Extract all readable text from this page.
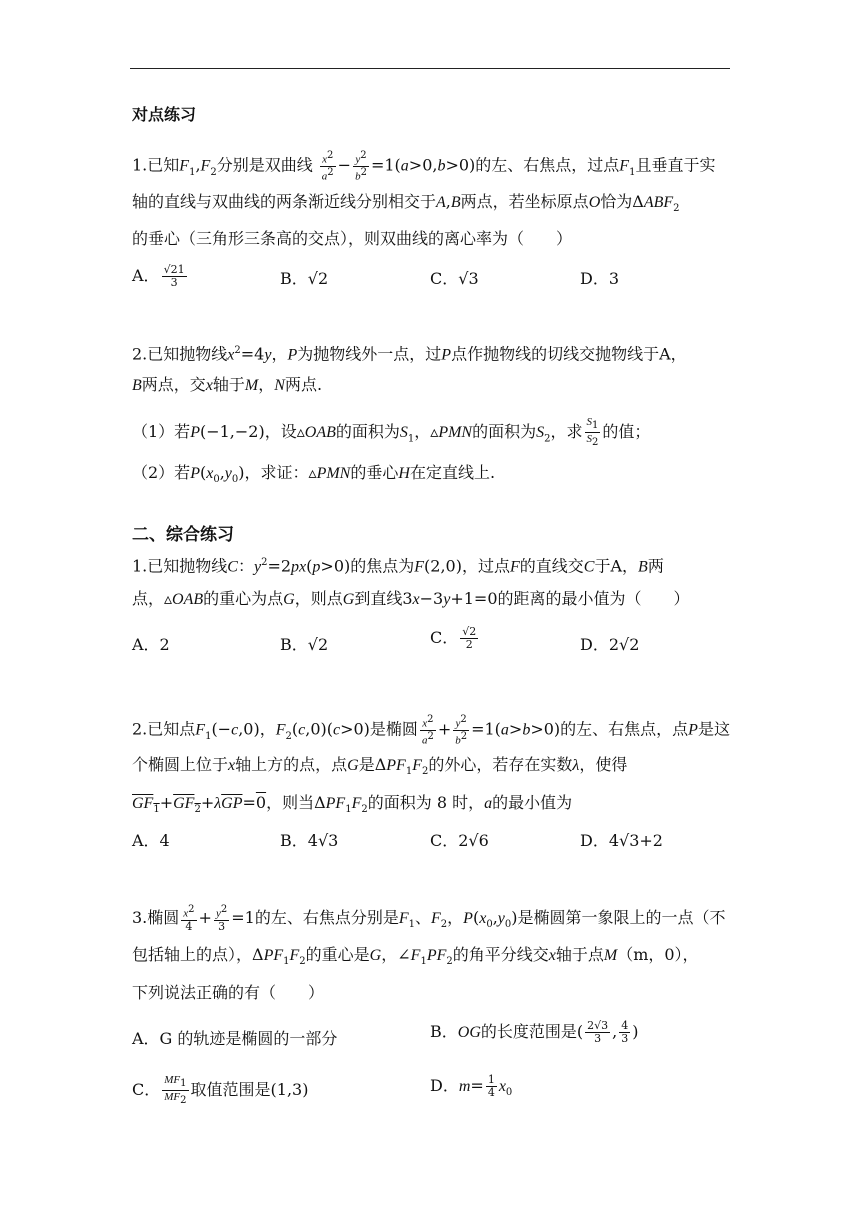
对点练习
1.已知$F_1,F_2$分别是双曲线 $\frac{x^2}{a^2} - \frac{y^2}{b^2} =1(a>0,b>0)$的左、右焦点，过点$F_1$且垂直于实
轴的直线与双曲线的两条渐近线分别相交于A,B两点，若坐标原点O恰为$\Delta ABF_2$
的垂心（三角形三条高的交点），则双曲线的离心率为（　　）
A． $\frac{√21}{3}$	B．√2	C．√3	D．3
2.已知抛物线$x^2=4y$，P为抛物线外一点，过P点作抛物线的切线交抛物线于A，
B两点，交x轴于M，N两点.
（1）若P(−1,−2)，设▵OAB的面积为$S_1$，▵PMN的面积为$S_2$，求 $\frac{S_1}{S_2}$ 的值；
（2）若$P(x_0,y_0)$，求证：▵PMN的垂心H在定直线上.
二、综合练习
1.已知抛物线C：$y^2=2px(p>0)$的焦点为F(2,0)，过点F的直线交C于A，B两
点，▵OAB的重心为点G，则点G到直线3x−3y+1=0的距离的最小值为（　　）
A．2	B．√2	C． $\frac{√2}{2}$	D．2√2
2.已知点$F_1(-c,0)$，$F_2(c,0)(c>0)$是椭圆 $\frac{x^2}{a^2} + \frac{y^2}{b^2} =1(a>b>0)$的左、右焦点，点P是这
个椭圆上位于x轴上方的点，点G是$\Delta PF_1F_2$的外心，若存在实数λ，使得
$GF_1+GF_2+\lambda\overline{GP}=0$，则当$\Delta PF_1F_2$的面积为 8 时，a的最小值为
A．4	B．4√3	C．2√6	D．4√3+2
3.椭圆 $\frac{x^2}{4} + \frac{y^2}{3} =1$的左、右焦点分别是$F_1$、$F_2$，$P(x_0,y_0)$是椭圆第一象限上的一点（不
包括轴上的点），$\Delta PF_1F_2$的重心是G，$\angle F_1PF_2$的角平分线交x轴于点M（m，0），
下列说法正确的有（　　）
A．G 的轨迹是椭圆的一部分	B．OG的长度范围是( $\frac{2√3}{3}$ , $\frac{4}{3}$ )
C． $\frac{MF_1}{MF_2}$ 取值范围是(1,3)	D．$m= \frac{1}{4} x_0$
